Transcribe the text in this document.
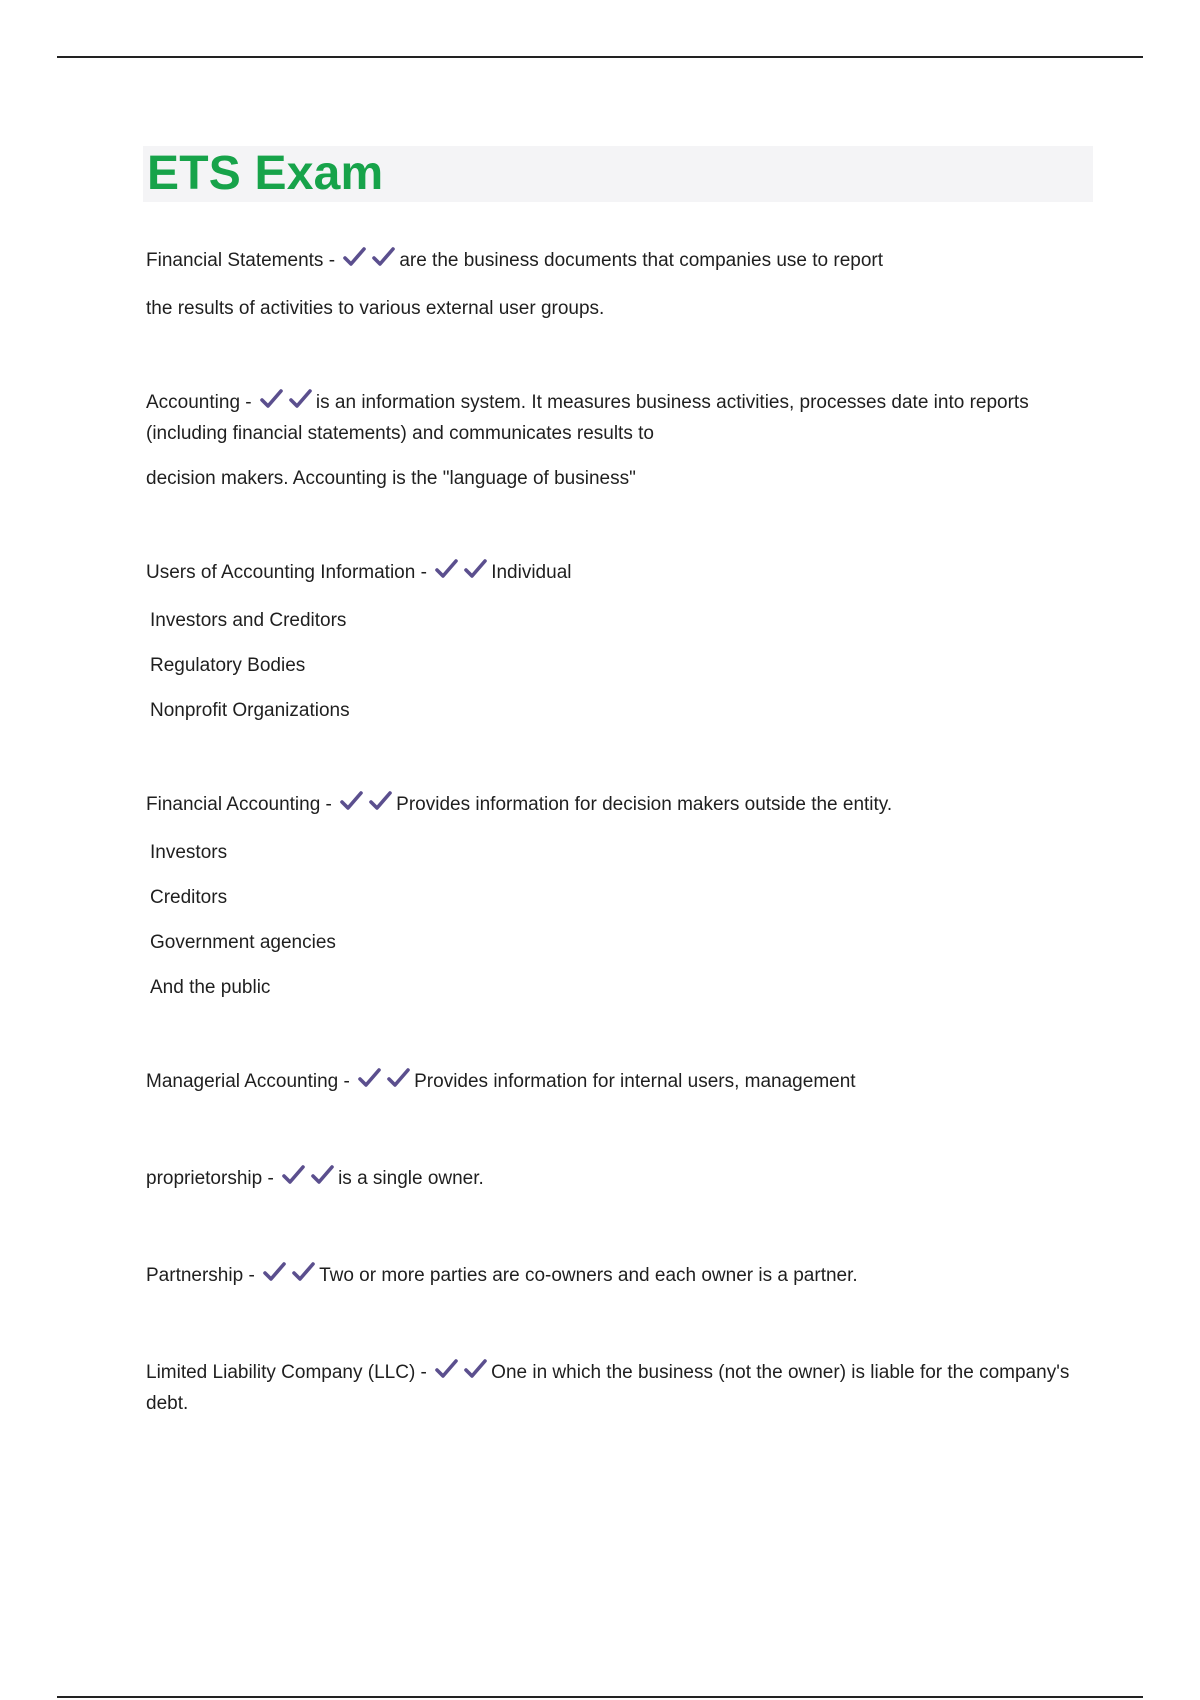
ETS Exam
Financial Statements -	are the business documents that companies use to report
the results of activities to various external user groups.
Accounting -	is an information system. It measures business activities, processes date into reports (including financial statements) and communicates results to
decision makers. Accounting is the "language of business"
Users of Accounting Information -	Individual
Investors and Creditors
Regulatory Bodies
Nonprofit Organizations
Financial Accounting -	Provides information for decision makers outside the entity.
Investors
Creditors
Government agencies
And the public
Managerial Accounting -	Provides information for internal users, management
proprietorship -	is a single owner.
Partnership -	Two or more parties are co-owners and each owner is a partner.
Limited Liability Company (LLC) -	One in which the business (not the owner) is liable for the company's debt.
